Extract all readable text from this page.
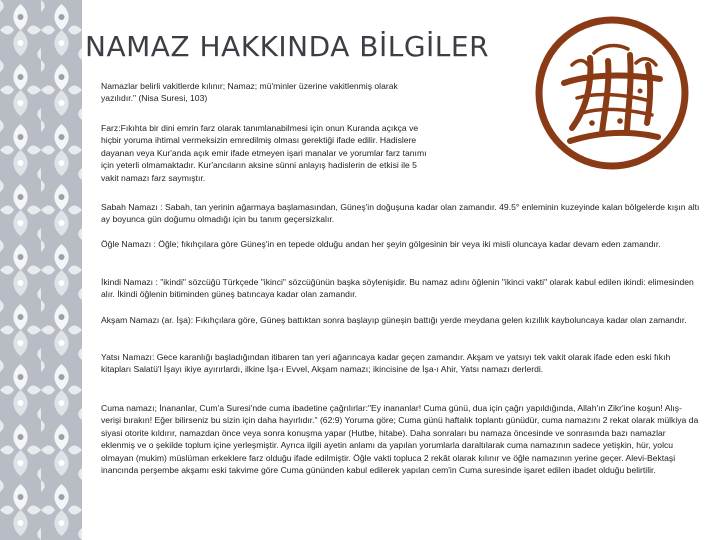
NAMAZ HAKKINDA BİLGİLER
Namazlar belirli vakitlerde kılınır; Namaz; mü'minler üzerine vakitlenmiş olarak yazılıdır." (Nisa Suresi, 103)
Farz:Fıkıhta bir dini emrin farz olarak tanımlanabilmesi için onun Kuranda açıkça ve hiçbir yoruma ihtimal vermeksizin emredilmiş olması gerektiği ifade edilir. Hadislere dayanan veya Kur'anda açık emir ifade etmeyen işari manalar ve yorumlar farz tanımı için yeterli olmamaktadır. Kur'ancıların aksine sünni anlayış hadislerin de etkisi ile 5 vakit namazı farz saymıştır.
Sabah Namazı : Sabah, tan yerinin ağarmaya başlamasından, Güneş'in doğuşuna kadar olan zamandır. 49.5° enleminin kuzeyinde kalan bölgelerde kışın altı ay boyunca gün doğumu olmadığı için bu tanım geçersizkalır.
Öğle Namazı : Öğle; fıkıhçılara göre Güneş'in en tepede olduğu andan her şeyin gölgesinin bir veya iki misli oluncaya kadar devam eden zamandır.
İkindi Namazı : "ikindi" sözcüğü Türkçede "ikinci" sözcüğünün başka söylenişidir. Bu namaz adını öğlenin "ikinci vakti" olarak kabul edilen ikindi: elimesinden alır. İkindi öğlenin bitiminden güneş batıncaya kadar olan zamandır.
Akşam Namazı (ar. İşa): Fıkıhçılara göre, Güneş battıktan sonra başlayıp güneşin battığı yerde meydana gelen kızıllık kayboluncaya kadar olan zamandır.
Yatsı Namazı: Gece karanlığı başladığından itibaren tan yeri ağarıncaya kadar geçen zamandır. Akşam ve yatsıyı tek vakit olarak ifade eden eski fıkıh kitapları Salatü'l İşayı ikiye ayırırlardı, ilkine İşa-ı Evvel, Akşam namazı; ikincisine de İşa-ı Ahir, Yatsı namazı derlerdi.
Cuma namazı; İnananlar, Cum'a Suresi'nde cuma ibadetine çağrılırlar:"Ey inananlar! Cuma günü, dua için çağrı yapıldığında, Allah'ın Zikr'ine koşun! Alış-verişi bırakın! Eğer bilirseniz bu sizin için daha hayırlıdır." (62:9) Yoruma göre; Cuma günü haftalık toplantı günüdür, cuma namazını 2 rekat olarak mülkiya da siyasi otorite kıldırır, namazdan önce veya sonra konuşma yapar (Hutbe, hitabe). Daha sonraları bu namaza öncesinde ve sonrasında bazı namazlar eklenmiş ve o şekilde toplum içine yerleşmiştir. Ayrıca ilgili ayetin anlamı da yapılan yorumlarla daraltılarak cuma namazının sadece yetişkin, hür, yolcu olmayan (mukim) müslüman erkeklere farz olduğu ifade edilmiştir. Öğle vakti topluca 2 rekât olarak kılınır ve öğle namazının yerine geçer. Alevi-Bektaşi inancında perşembe akşamı eski takvime göre Cuma gününden kabul edilerek yapılan cem'in Cuma suresinde işaret edilen ibadet olduğu belirtilir.
